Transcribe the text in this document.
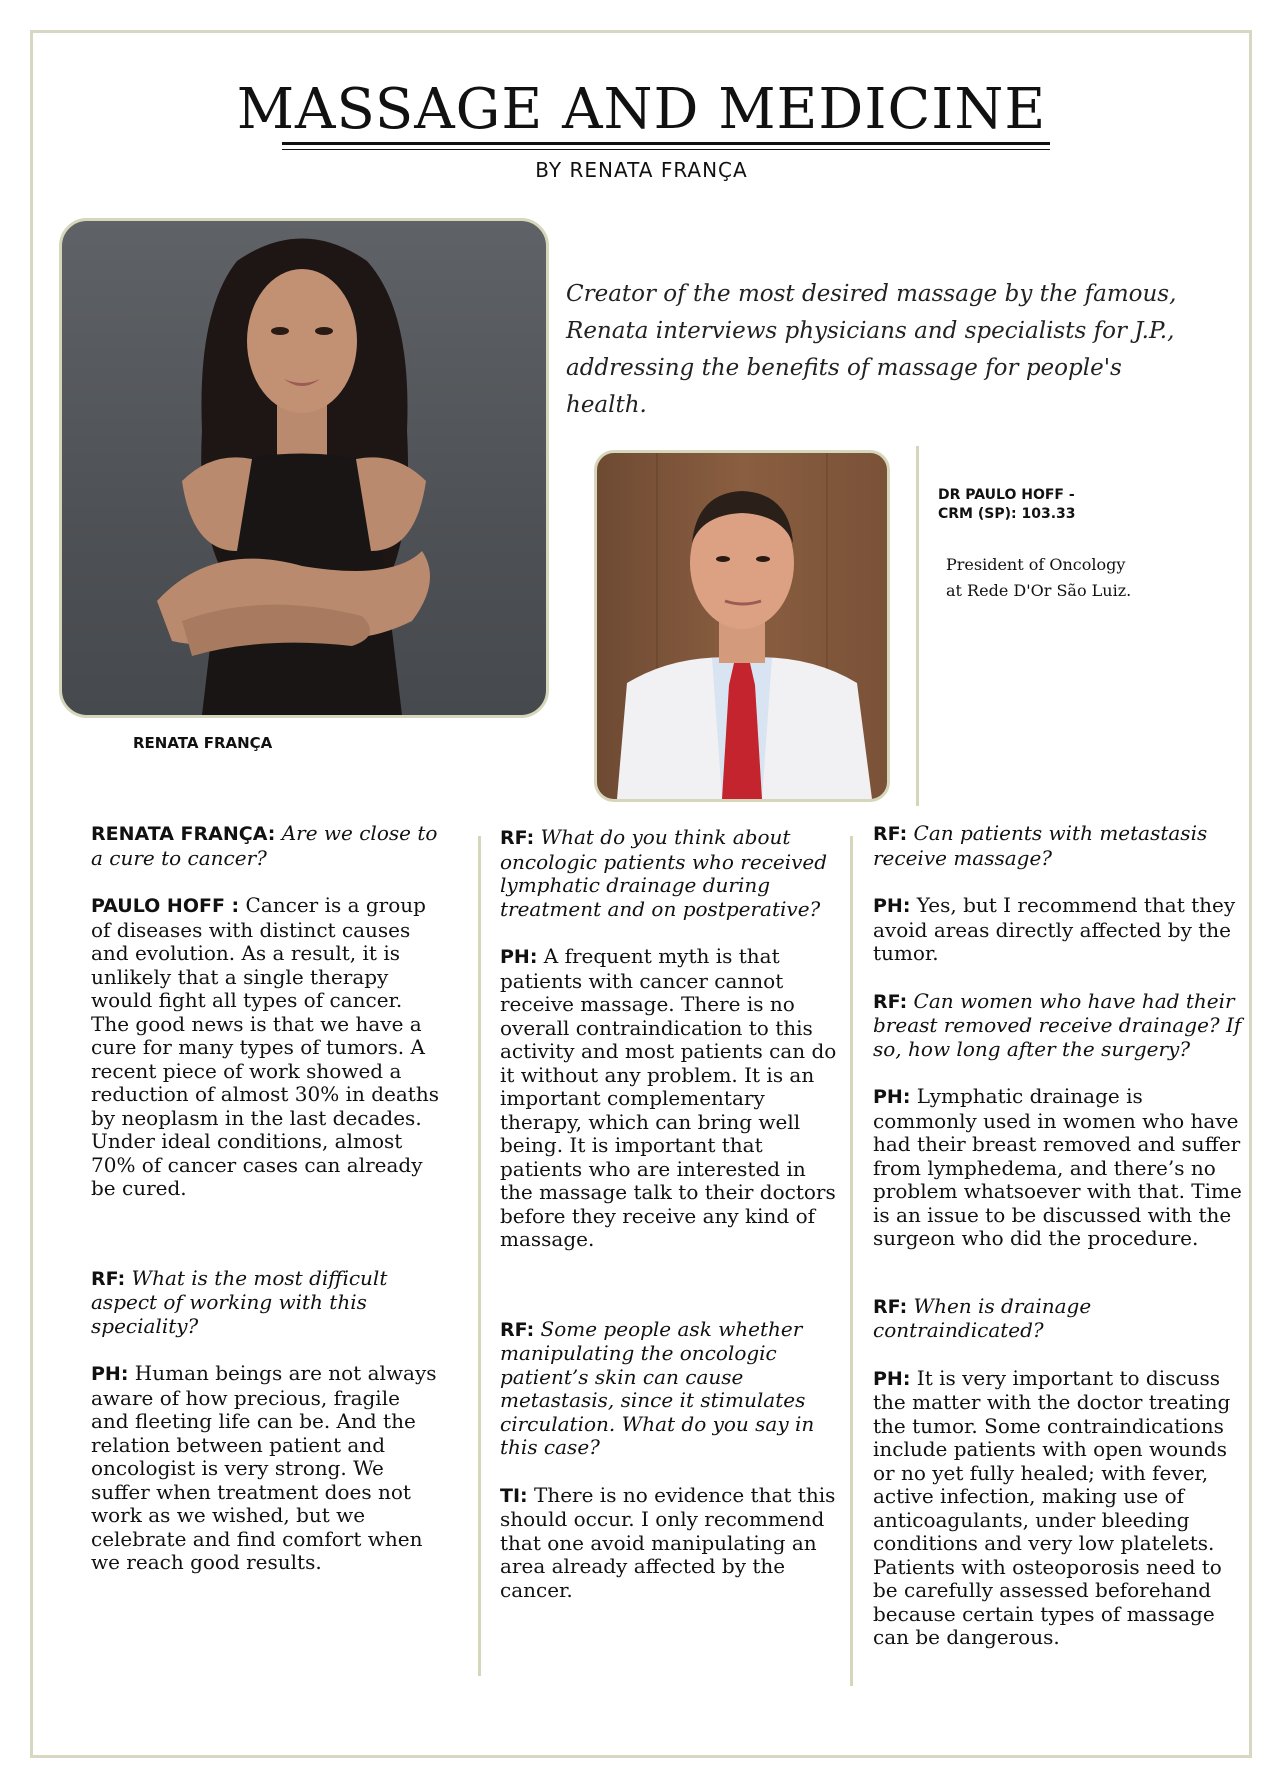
MASSAGE AND MEDICINE
BY RENATA FRANÇA
RENATA FRANÇA

Creator of the most desired massage by the famous, Renata interviews physicians and specialists for J.P., addressing the benefits of massage for people's health.

DR PAULO HOFF -
CRM (SP): 103.33
President of Oncology
at Rede D'Or São Luiz.

RENATA FRANÇA: Are we close to a cure to cancer?

PAULO HOFF : Cancer is a group of diseases with distinct causes and evolution. As a result, it is unlikely that a single therapy would fight all types of cancer. The good news is that we have a cure for many types of tumors. A recent piece of work showed a reduction of almost 30% in deaths by neoplasm in the last decades. Under ideal conditions, almost 70% of cancer cases can already be cured.

RF: What is the most difficult aspect of working with this speciality?

PH: Human beings are not always aware of how precious, fragile and fleeting life can be. And the relation between patient and oncologist is very strong. We suffer when treatment does not work as we wished, but we celebrate and find comfort when we reach good results.

RF: What do you think about oncologic patients who received lymphatic drainage during treatment and on postperative?

PH: A frequent myth is that patients with cancer cannot receive massage. There is no overall contraindication to this activity and most patients can do it without any problem. It is an important complementary therapy, which can bring well being. It is important that patients who are interested in the massage talk to their doctors before they receive any kind of massage.

RF: Some people ask whether manipulating the oncologic patient’s skin can cause metastasis, since it stimulates circulation. What do you say in this case?

TI: There is no evidence that this should occur. I only recommend that one avoid manipulating an area already affected by the cancer.

RF: Can patients with metastasis receive massage?

PH: Yes, but I recommend that they avoid areas directly affected by the tumor.

RF: Can women who have had their breast removed receive drainage? If so, how long after the surgery?

PH: Lymphatic drainage is commonly used in women who have had their breast removed and suffer from lymphedema, and there’s no problem whatsoever with that. Time is an issue to be discussed with the surgeon who did the procedure.

RF: When is drainage contraindicated?

PH: It is very important to discuss the matter with the doctor treating the tumor. Some contraindications include patients with open wounds or no yet fully healed; with fever, active infection, making use of anticoagulants, under bleeding conditions and very low platelets. Patients with osteoporosis need to be carefully assessed beforehand because certain types of massage can be dangerous.
